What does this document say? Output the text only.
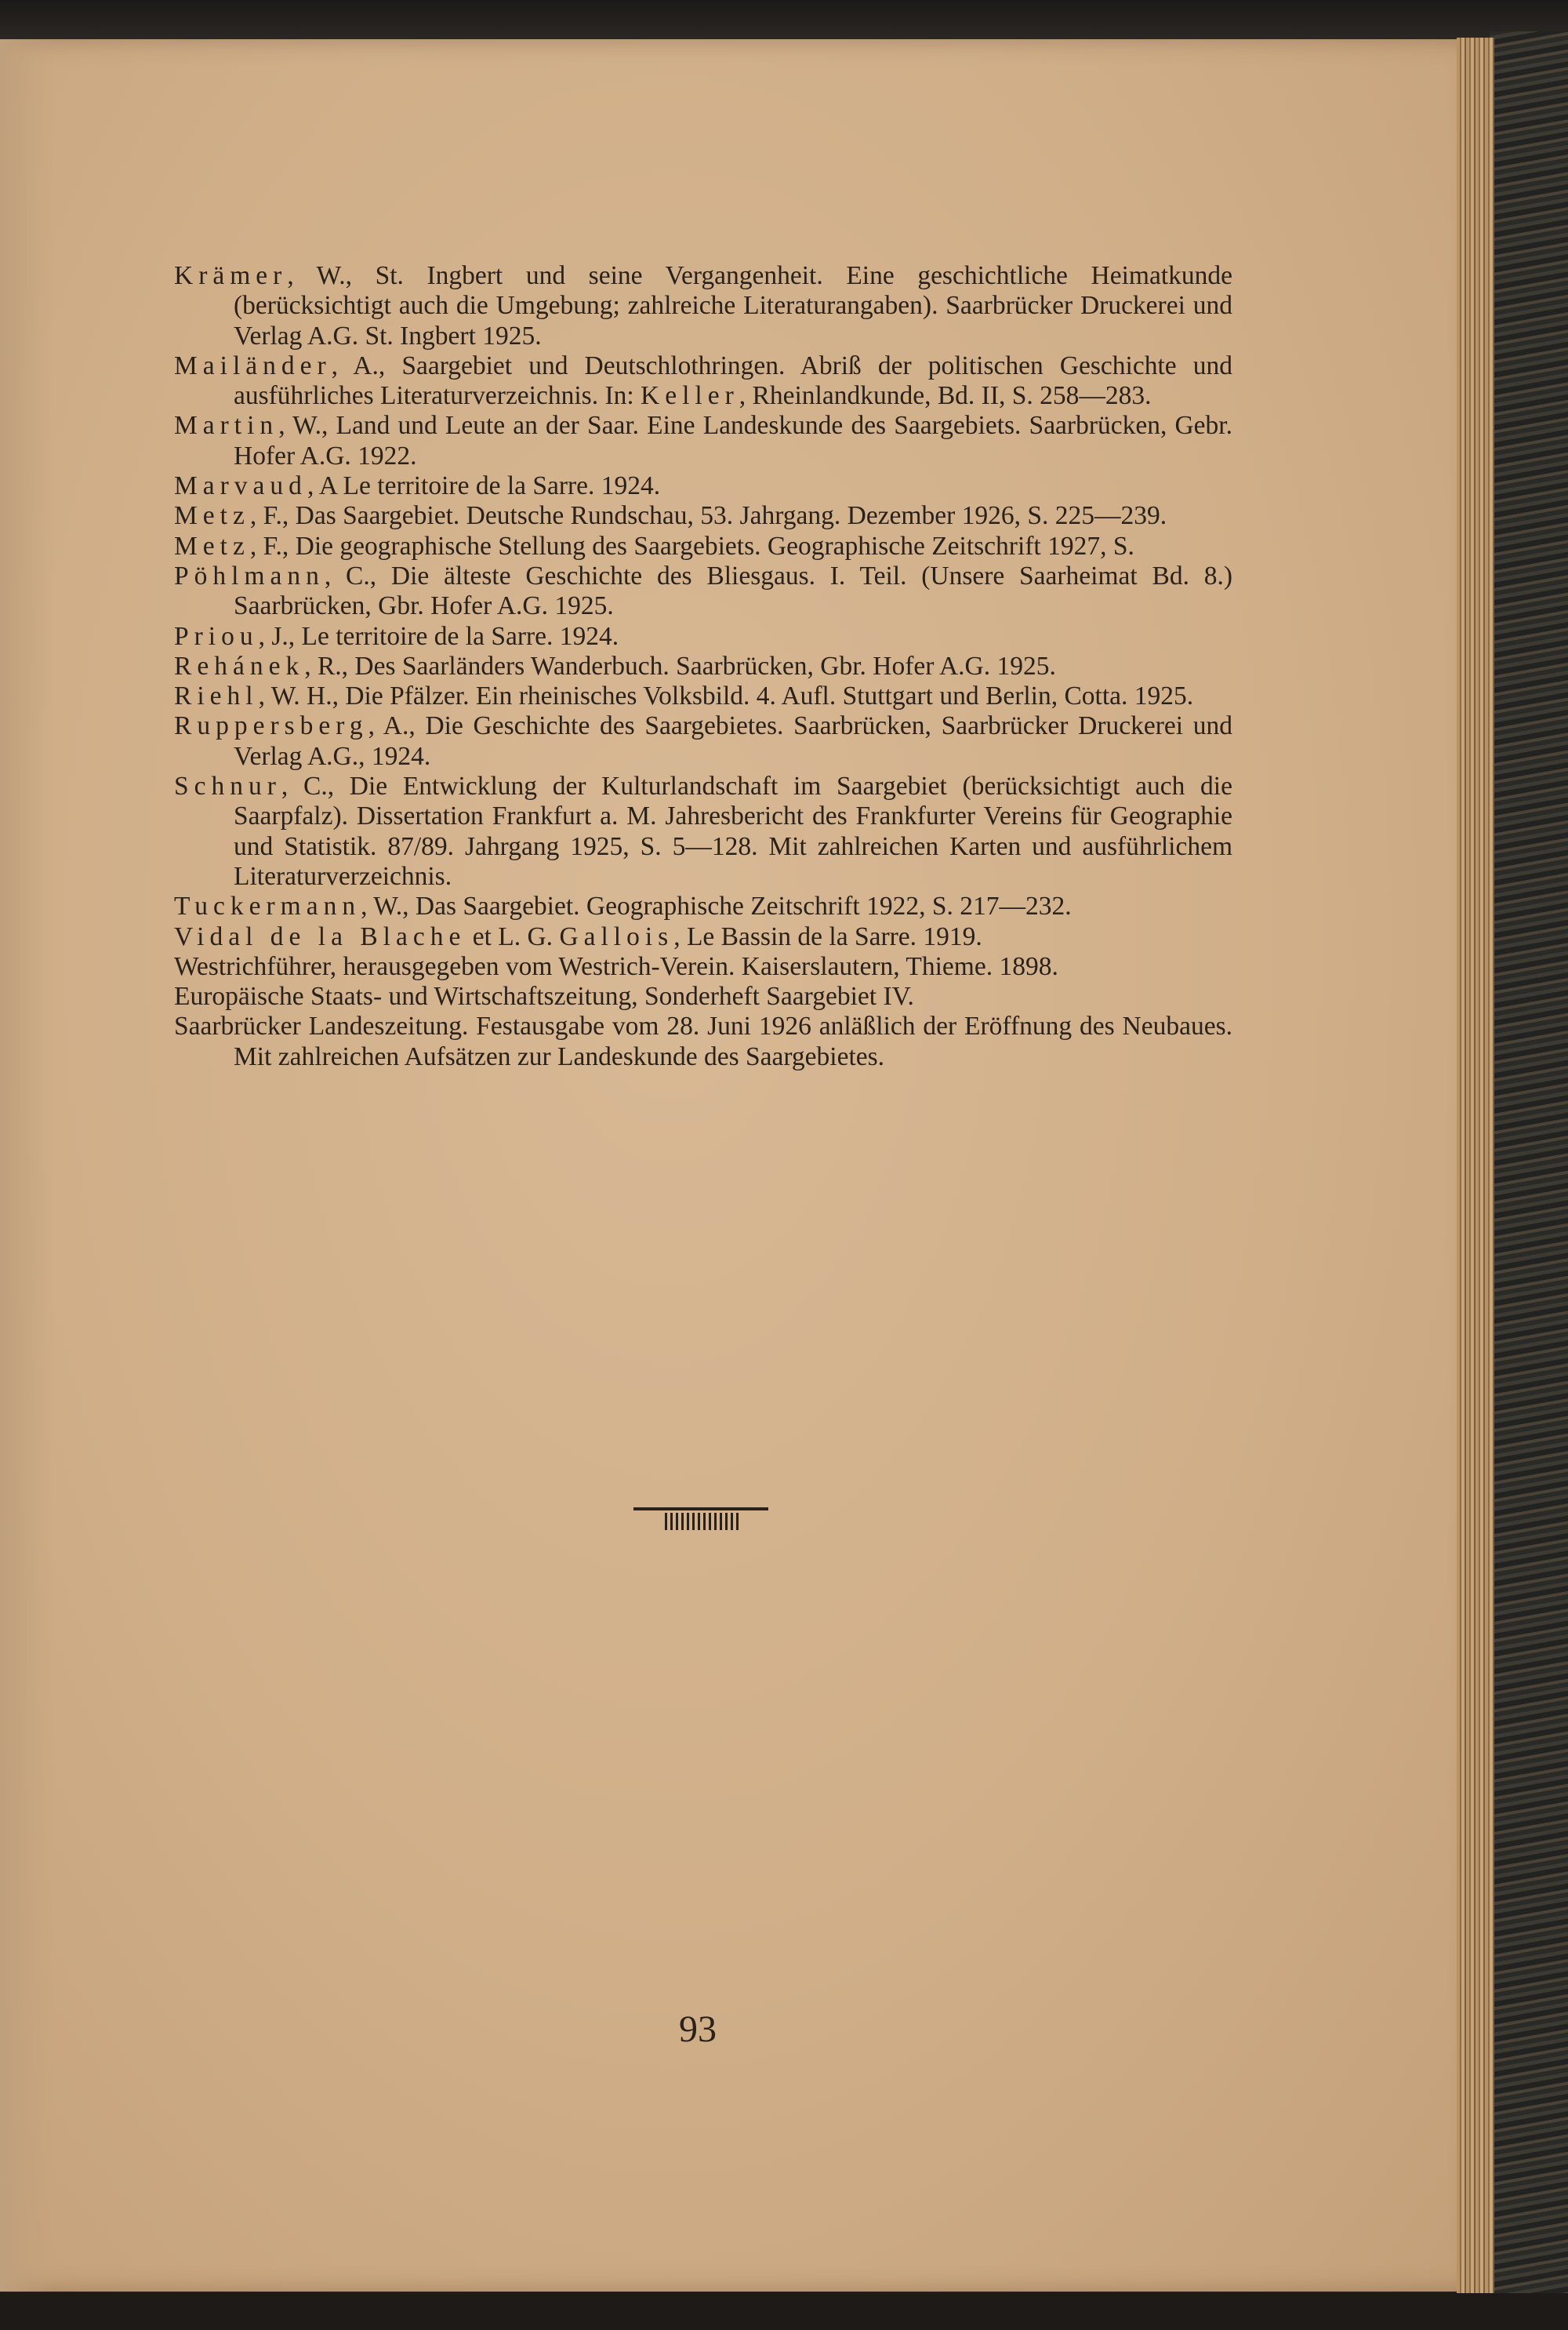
Krämer, W., St. Ingbert und seine Vergangenheit. Eine geschichtliche Heimatkunde (berücksichtigt auch die Umgebung; zahlreiche Literaturangaben). Saarbrücker Druckerei und Verlag A.G. St. Ingbert 1925.

Mailänder, A., Saargebiet und Deutschlothringen. Abriß der politischen Geschichte und ausführliches Literaturverzeichnis. In: Keller, Rheinlandkunde, Bd. II, S. 258—283.

Martin, W., Land und Leute an der Saar. Eine Landeskunde des Saargebiets. Saarbrücken, Gebr. Hofer A.G. 1922.

Marvaud, A Le territoire de la Sarre. 1924.

Metz, F., Das Saargebiet. Deutsche Rundschau, 53. Jahrgang. Dezember 1926, S. 225—239.

Metz, F., Die geographische Stellung des Saargebiets. Geographische Zeitschrift 1927, S.

Pöhlmann, C., Die älteste Geschichte des Bliesgaus. I. Teil. (Unsere Saarheimat Bd. 8.) Saarbrücken, Gbr. Hofer A.G. 1925.

Priou, J., Le territoire de la Sarre. 1924.

Rehánek, R., Des Saarländers Wanderbuch. Saarbrücken, Gbr. Hofer A.G. 1925.

Riehl, W. H., Die Pfälzer. Ein rheinisches Volksbild. 4. Aufl. Stuttgart und Berlin, Cotta. 1925.

Ruppersberg, A., Die Geschichte des Saargebietes. Saarbrücken, Saarbrücker Druckerei und Verlag A.G., 1924.

Schnur, C., Die Entwicklung der Kulturlandschaft im Saargebiet (berücksichtigt auch die Saarpfalz). Dissertation Frankfurt a. M. Jahresbericht des Frankfurter Vereins für Geographie und Statistik. 87/89. Jahrgang 1925, S. 5—128. Mit zahlreichen Karten und ausführlichem Literaturverzeichnis.

Tuckermann, W., Das Saargebiet. Geographische Zeitschrift 1922, S. 217—232.

Vidal de la Blache et L. G. Gallois, Le Bassin de la Sarre. 1919.

Westrichführer, herausgegeben vom Westrich-Verein. Kaiserslautern, Thieme. 1898.

Europäische Staats- und Wirtschaftszeitung, Sonderheft Saargebiet IV.

Saarbrücker Landeszeitung. Festausgabe vom 28. Juni 1926 anläßlich der Eröffnung des Neubaues. Mit zahlreichen Aufsätzen zur Landeskunde des Saargebietes.

93
